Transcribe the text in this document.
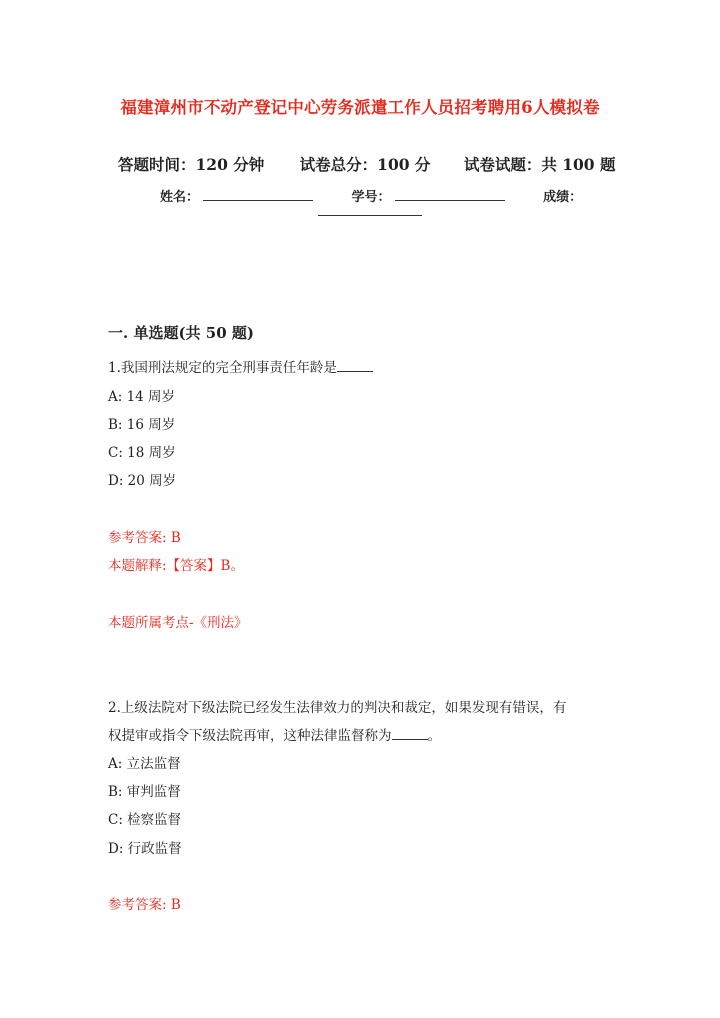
福建漳州市不动产登记中心劳务派遣工作人员招考聘用6人模拟卷
答题时间：120 分钟 试卷总分：100 分 试卷试题：共 100 题
姓名：	学号：	成绩：
一. 单选题(共 50 题)
1.我国刑法规定的完全刑事责任年龄是
A: 14 周岁
B: 16 周岁
C: 18 周岁
D: 20 周岁
参考答案: B
本题解释:【答案】B。
本题所属考点-《刑法》
2.上级法院对下级法院已经发生法律效力的判决和裁定，如果发现有错误，有
权提审或指令下级法院再审，这种法律监督称为	。
A: 立法监督
B: 审判监督
C: 检察监督
D: 行政监督
参考答案: B
